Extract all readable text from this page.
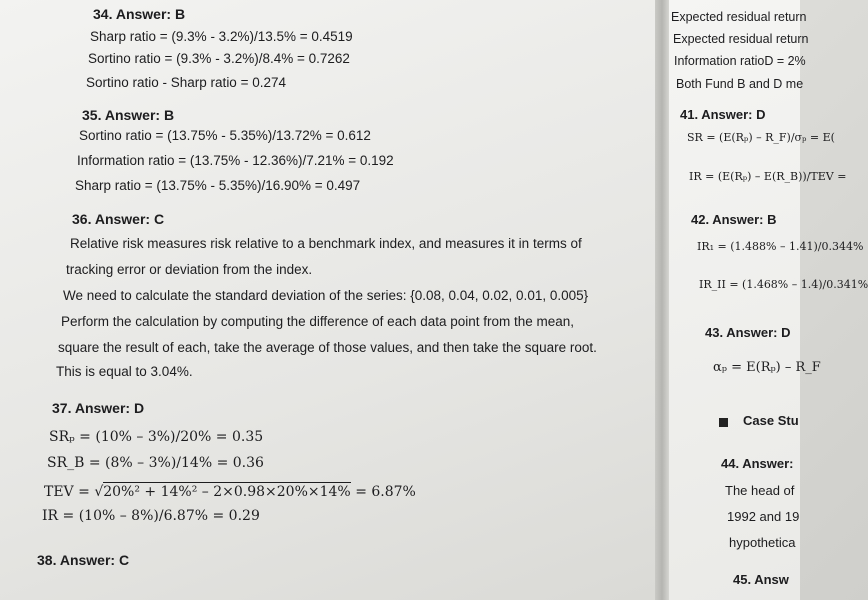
34. Answer: B
Sharp ratio = (9.3% - 3.2%)/13.5% = 0.4519
Sortino ratio = (9.3% - 3.2%)/8.4% = 0.7262
Sortino ratio - Sharp ratio = 0.274
35. Answer: B
Sortino ratio = (13.75% - 5.35%)/13.72% = 0.612
Information ratio = (13.75% - 12.36%)/7.21% = 0.192
Sharp ratio = (13.75% - 5.35%)/16.90% = 0.497
36. Answer: C
Relative risk measures risk relative to a benchmark index, and measures it in terms of
tracking error or deviation from the index.
We need to calculate the standard deviation of the series: {0.08, 0.04, 0.02, 0.01, 0.005}
Perform the calculation by computing the difference of each data point from the mean,
square the result of each, take the average of those values, and then take the square root.
This is equal to 3.04%.
37. Answer: D
SRₚ = (10% – 3%)/20% = 0.35
SR_B = (8% – 3%)/14% = 0.36
TEV = √20%² + 14%² – 2×0.98×20%×14% = 6.87%
IR = (10% – 8%)/6.87% = 0.29
38. Answer: C
Expected residual return
Expected residual return
Information ratioD = 2%
Both Fund B and D me
41. Answer: D
SR = (E(Rₚ) – R_F)/σₚ = E(
IR = (E(Rₚ) – E(R_B))/TEV =
42. Answer: B
IR₁ = (1.488% – 1.41)/0.344%
IR_II = (1.468% – 1.4)/0.341%
43. Answer: D
αₚ = E(Rₚ) – R_F
Case Stu
44. Answer:
The head of
1992 and 19
hypothetica
45. Answ
